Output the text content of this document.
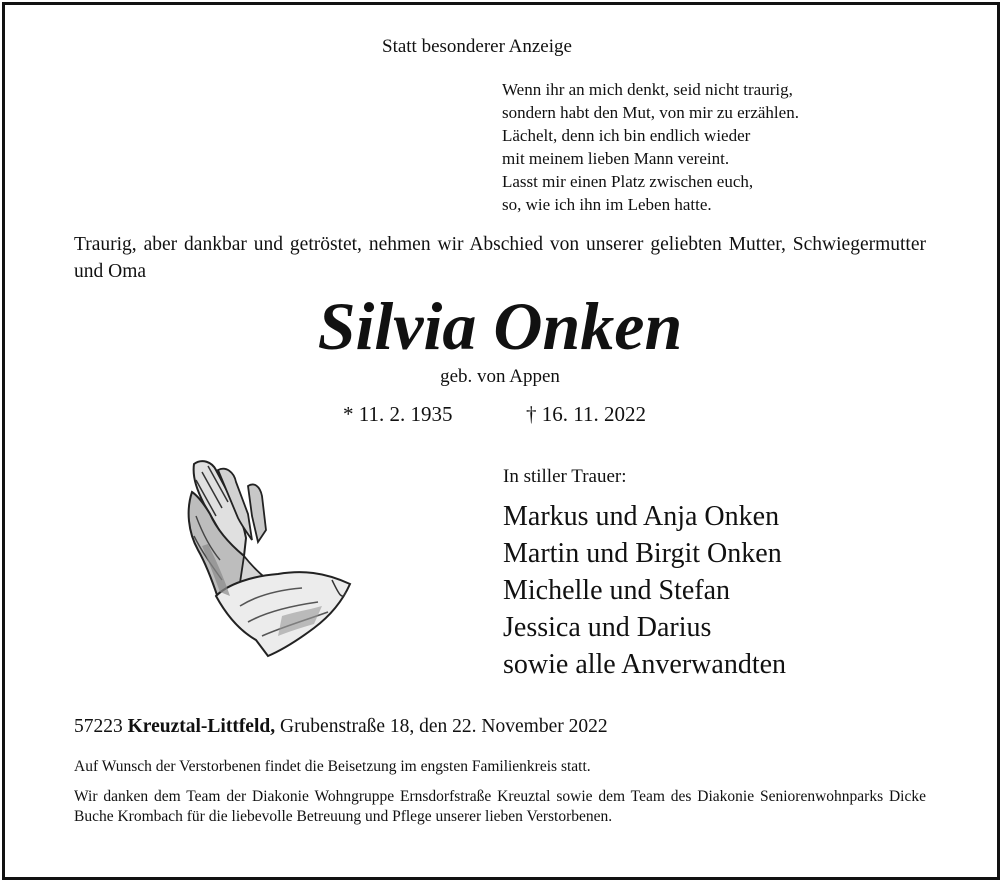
Statt besonderer Anzeige
Wenn ihr an mich denkt, seid nicht traurig,
sondern habt den Mut, von mir zu erzählen.
Lächelt, denn ich bin endlich wieder
mit meinem lieben Mann vereint.
Lasst mir einen Platz zwischen euch,
so, wie ich ihn im Leben hatte.
Traurig, aber dankbar und getröstet, nehmen wir Abschied von unserer geliebten Mutter, Schwiegermutter und Oma
Silvia Onken
geb. von Appen
* 11. 2. 1935	† 16. 11. 2022
In stiller Trauer:
Markus und Anja Onken
Martin und Birgit Onken
Michelle und Stefan
Jessica und Darius
sowie alle Anverwandten
57223 Kreuztal-Littfeld, Grubenstraße 18, den 22. November 2022
Auf Wunsch der Verstorbenen findet die Beisetzung im engsten Familienkreis statt.
Wir danken dem Team der Diakonie Wohngruppe Ernsdorfstraße Kreuztal sowie dem Team des Diakonie Seniorenwohnparks Dicke Buche Krombach für die liebevolle Betreuung und Pflege unserer lieben Verstorbenen.
